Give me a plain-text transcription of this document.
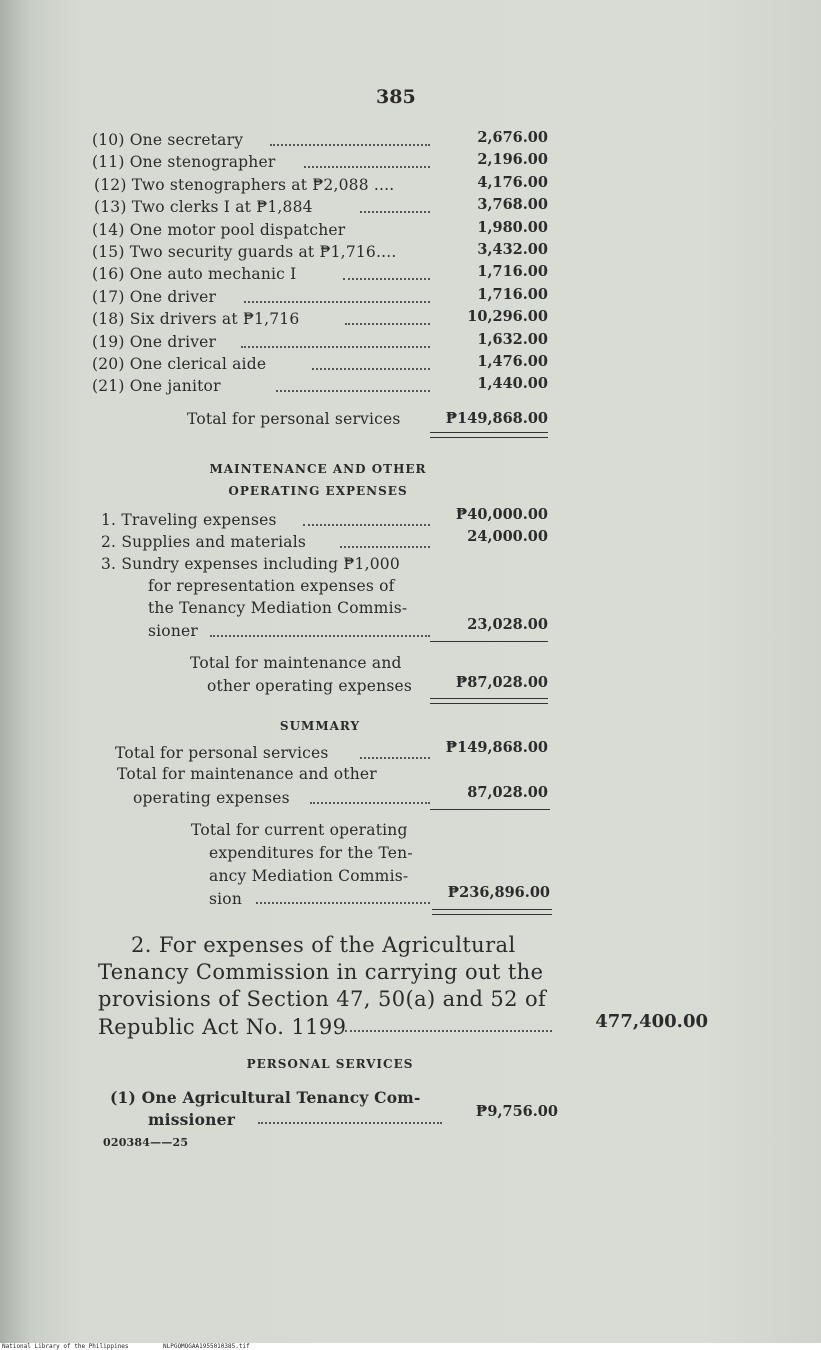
385
(10) One secretary	2,676.00
(11) One stenographer	2,196.00
(12) Two stenographers at ₱2,088 ....	4,176.00
(13) Two clerks I at ₱1,884	3,768.00
(14) One motor pool dispatcher	1,980.00
(15) Two security guards at ₱1,716....	3,432.00
(16) One auto mechanic I	1,716.00
(17) One driver	1,716.00
(18) Six drivers at ₱1,716	10,296.00
(19) One driver	1,632.00
(20) One clerical aide	1,476.00
(21) One janitor	1,440.00
Total for personal services	₱149,868.00
MAINTENANCE AND OTHER
OPERATING EXPENSES
1. Traveling expenses	₱40,000.00
2. Supplies and materials	24,000.00
3. Sundry expenses including ₱1,000
for representation expenses of
the Tenancy Mediation Commis-
sioner	23,028.00
Total for maintenance and
other operating expenses	₱87,028.00
SUMMARY
Total for personal services	₱149,868.00
Total for maintenance and other
operating expenses	87,028.00
Total for current operating
expenditures for the Ten-
ancy Mediation Commis-
sion	₱236,896.00
2. For expenses of the Agricultural
Tenancy Commission in carrying out the
provisions of Section 47, 50(a) and 52 of
Republic Act No. 1199	477,400.00
PERSONAL SERVICES
(1) One Agricultural Tenancy Com-
missioner	₱9,756.00
020384——25
National Library of the Philippines	NLPGOMOGAA1955010385.tif
